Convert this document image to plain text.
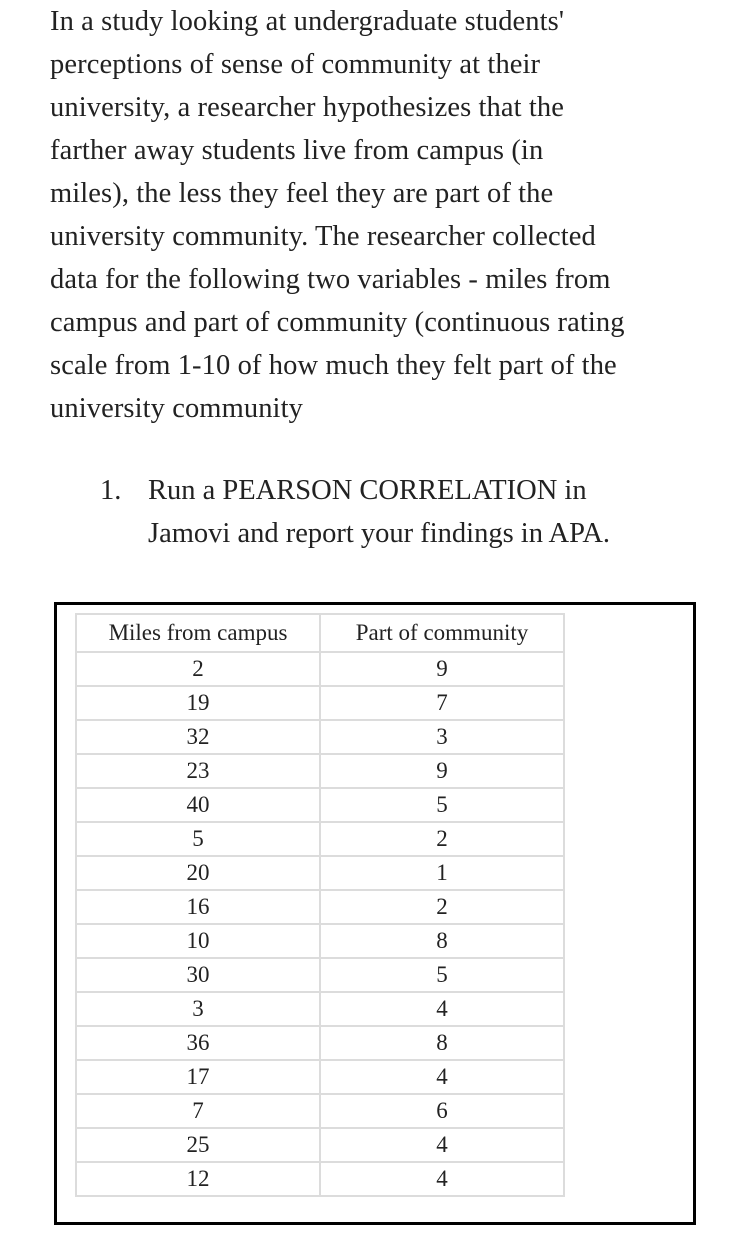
In a study looking at undergraduate students'
perceptions of sense of community at their
university, a researcher hypothesizes that the
farther away students live from campus (in
miles), the less they feel they are part of the
university community. The researcher collected
data for the following two variables - miles from
campus and part of community (continuous rating
scale from 1-10 of how much they felt part of the
university community
1. Run a PEARSON CORRELATION in
Jamovi and report your findings in APA.
Miles from campus	Part of community
2	9
19	7
32	3
23	9
40	5
5	2
20	1
16	2
10	8
30	5
3	4
36	8
17	4
7	6
25	4
12	4
